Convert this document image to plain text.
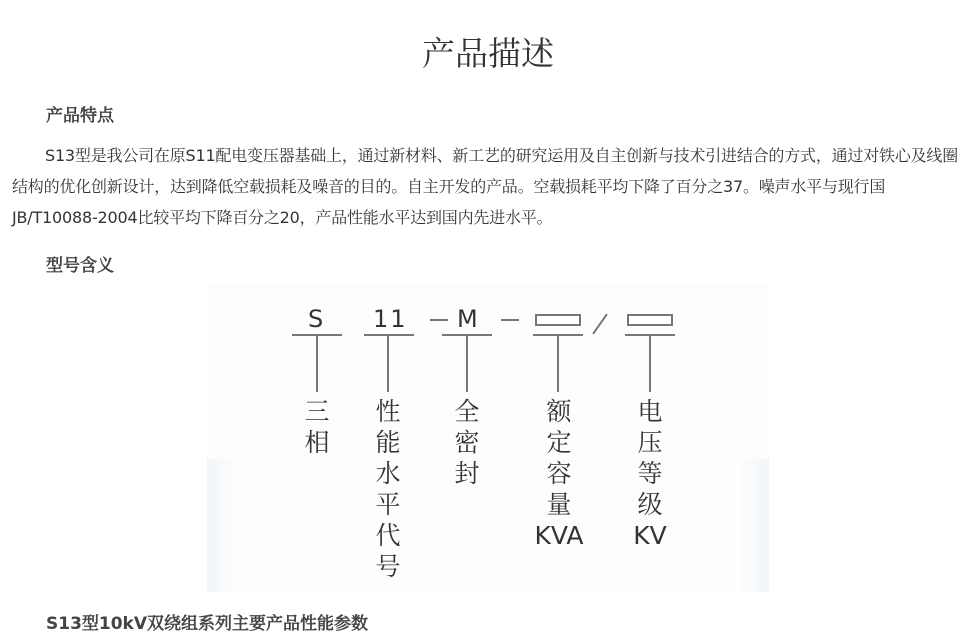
产品描述
产品特点

S13型是我公司在原S11配电变压器基础上，通过新材料、新工艺的研究运用及自主创新与技术引进结合的方式，通过对铁心及线圈结构的优化创新设计，达到降低空载损耗及噪音的目的。自主开发的产品。空载损耗平均下降了百分之37。噪声水平与现行国JB/T10088-2004比较平均下降百分之20，产品性能水平达到国内先进水平。

型号含义
S 11 M
三
相
性
能
水
平
代
号
全
密
封
额
定
容
量
KVA
电
压
等
级
KV
S13型10kV双绕组系列主要产品性能参数
